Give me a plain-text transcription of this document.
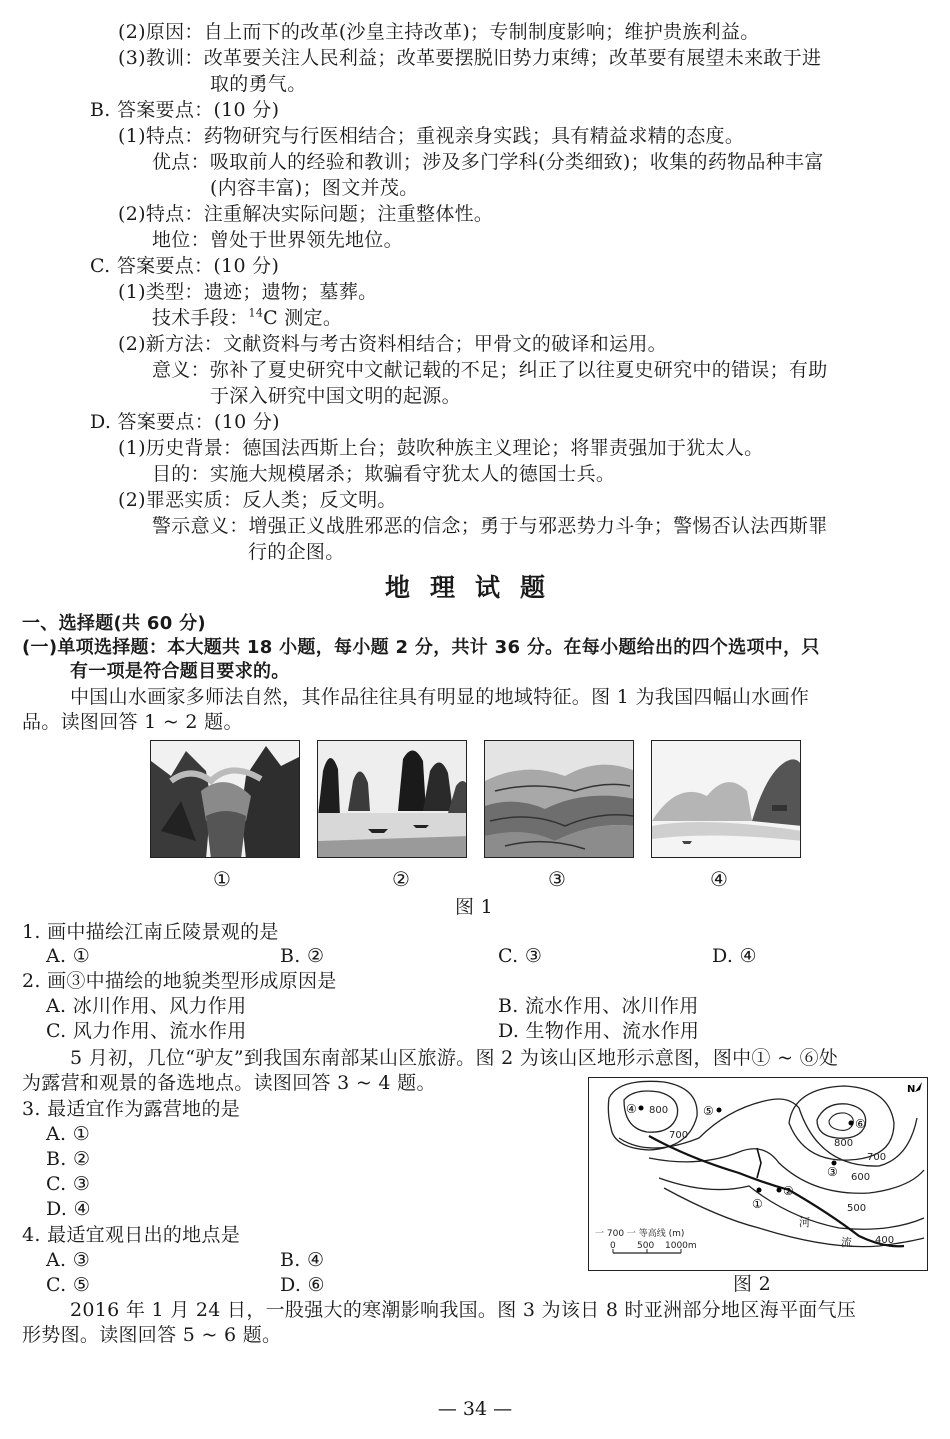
(2)原因：自上而下的改革(沙皇主持改革)；专制制度影响；维护贵族利益。
(3)教训：改革要关注人民利益；改革要摆脱旧势力束缚；改革要有展望未来敢于进
取的勇气。
B. 答案要点：(10 分)
(1)特点：药物研究与行医相结合；重视亲身实践；具有精益求精的态度。
优点：吸取前人的经验和教训；涉及多门学科(分类细致)；收集的药物品种丰富
(内容丰富)；图文并茂。
(2)特点：注重解决实际问题；注重整体性。
地位：曾处于世界领先地位。
C. 答案要点：(10 分)
(1)类型：遗迹；遗物；墓葬。
技术手段：$^{14}$C 测定。
(2)新方法：文献资料与考古资料相结合；甲骨文的破译和运用。
意义：弥补了夏史研究中文献记载的不足；纠正了以往夏史研究中的错误；有助
于深入研究中国文明的起源。
D. 答案要点：(10 分)
(1)历史背景：德国法西斯上台；鼓吹种族主义理论；将罪责强加于犹太人。
目的：实施大规模屠杀；欺骗看守犹太人的德国士兵。
(2)罪恶实质：反人类；反文明。
警示意义：增强正义战胜邪恶的信念；勇于与邪恶势力斗争；警惕否认法西斯罪
行的企图。
地理试题
一、选择题(共 60 分)
(一)单项选择题：本大题共 18 小题，每小题 2 分，共计 36 分。在每小题给出的四个选项中，只
有一项是符合题目要求的。
中国山水画家多师法自然，其作品往往具有明显的地域特征。图 1 为我国四幅山水画作
品。读图回答 1 ~ 2 题。
①	②	③	④
图 1
1. 画中描绘江南丘陵景观的是
A. ①	B. ②	C. ③	D. ④
2. 画③中描绘的地貌类型形成原因是
A. 冰川作用、风力作用	B. 流水作用、冰川作用
C. 风力作用、流水作用	D. 生物作用、流水作用
5 月初，几位“驴友”到我国东南部某山区旅游。图 2 为该山区地形示意图，图中① ~ ⑥处
为露营和观景的备选地点。读图回答 3 ~ 4 题。
3. 最适宜作为露营地的是
A. ①
B. ②
C. ③
D. ④
4. 最适宜观日出的地点是
A. ③	B. ④
C. ⑤	D. ⑥
800
700
800
700
600
500
400
河
流
①
②
③
④	⑤
⑥
N
一 700 一 等高线 (m)
0 500 1000m
图 2
2016 年 1 月 24 日，一股强大的寒潮影响我国。图 3 为该日 8 时亚洲部分地区海平面气压
形势图。读图回答 5 ~ 6 题。
— 34 —
